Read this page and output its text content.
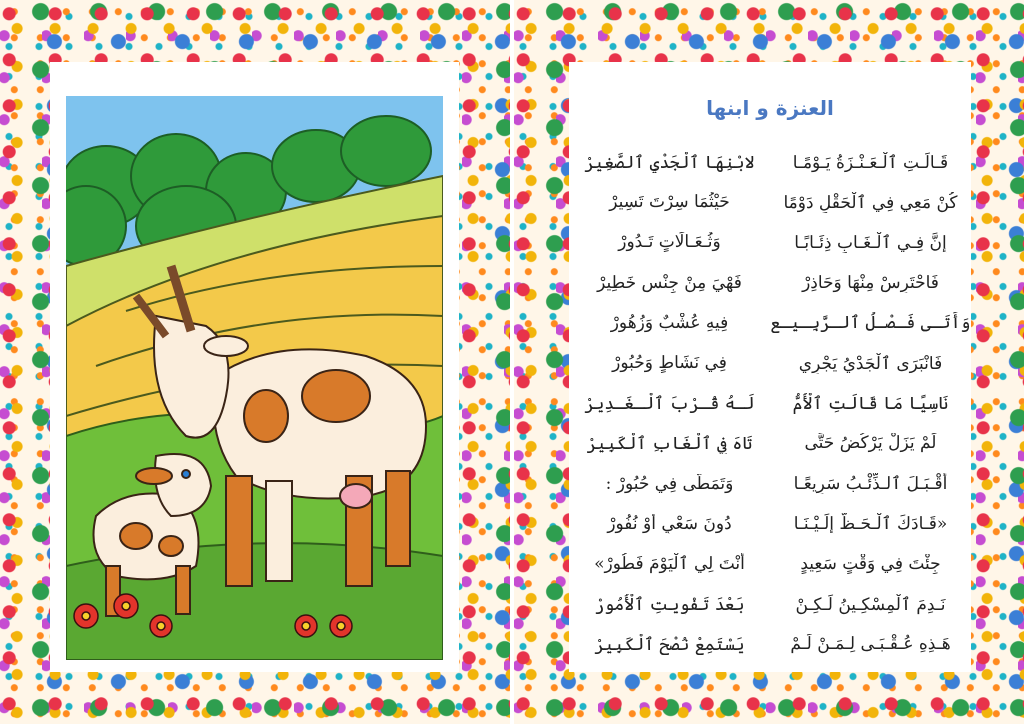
العنزة و ابنها
قَـالَـتِ ٱلْـعَـنْـزَةُ يَـوْمًـا
لابْنِهَا ٱلْجَدْيِ ٱلصَّغِيرْ
كُنْ مَعِي فِي ٱلْحَقْلِ دَوْمًا
حَيْثُمَا سِرْتَ تَسِيرْ
إِنَّ فِـي ٱلْـغَـابِ ذِئَـابًـا
وَثُـعَـالَاتٍ تَـدُورْ
فَاحْتَرِسْ مِنْهَا وَحَاذِرْ
فَهْيَ مِنْ جِنْسٍ خَطِيرْ
وَأَتَـى فَـصْـلُ ٱلـرَّبِـيـعِ
فِيهِ عُشْبٌ وَزُهُورْ
فَانْبَرَى ٱلْجَدْيُ يَجْرِي
فِي نَشَاطٍ وَحُبُورْ
نَاسِيًا مَا قَالَتِ ٱلْأُمُّ
لَـهُ قُـرْبَ ٱلْـغَـدِيرْ
لَمْ يَزَلْ يَرْكُضُ حَتَّى
تَاهَ فِي ٱلْغَابِ ٱلْكَبِيرْ
أَقْـبَـلَ ٱلـذِّئْـبُ سَرِيعًـا
وَتَمَطَّى فِي حُبُورْ :
«قَـادَكَ ٱلْـحَـظُّ إِلَـيْـنَـا
دُونَ سَعْيٍ أَوْ نُفُورْ
جِئْتَ فِي وَقْتٍ سَعِيدٍ
أَنْتَ لِي ٱلْيَوْمَ فَطُورْ»
نَـدِمَ ٱلْمِسْكِـينُ لَـكِـنْ
بَعْدَ تَفْوِيتِ ٱلْأُمُورْ
هَـذِهِ عُـقْـبَـى لِـمَـنْ لَـمْ
يَسْتَمِعْ نُصْحَ ٱلْكَبِيرْ
